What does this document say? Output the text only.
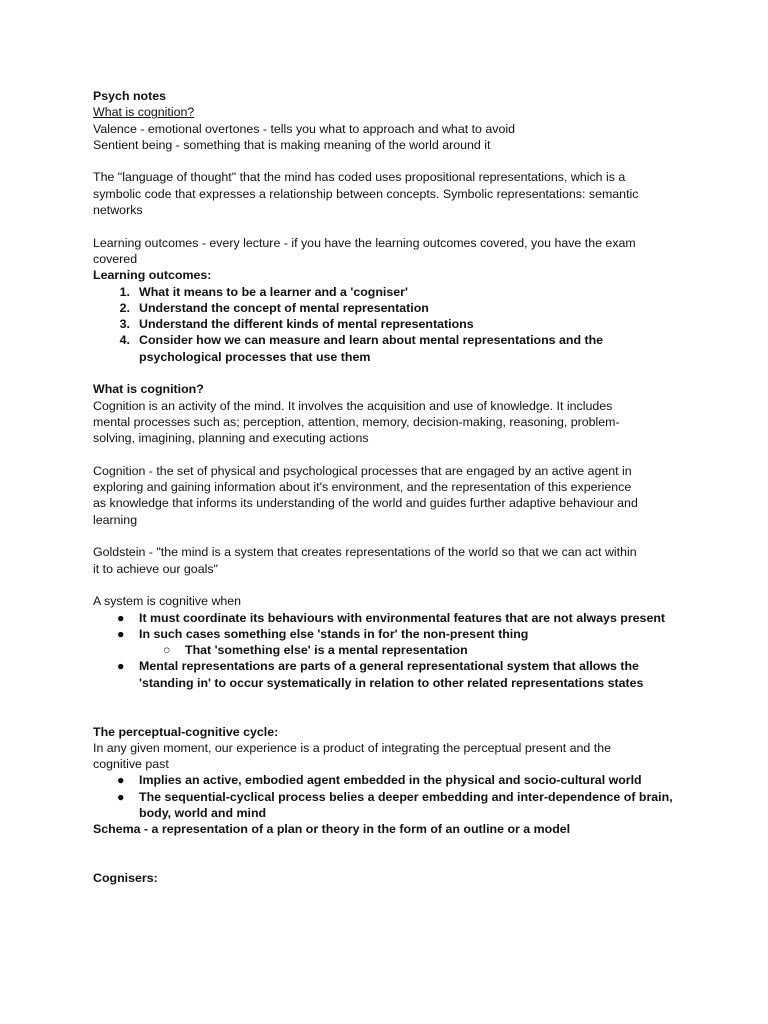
Psych notes
What is cognition?
Valence - emotional overtones - tells you what to approach and what to avoid
Sentient being - something that is making meaning of the world around it
The "language of thought" that the mind has coded uses propositional representations, which is a
symbolic code that expresses a relationship between concepts. Symbolic representations: semantic
networks
Learning outcomes - every lecture - if you have the learning outcomes covered, you have the exam
covered
Learning outcomes:
1. What it means to be a learner and a 'cogniser'
2. Understand the concept of mental representation
3. Understand the different kinds of mental representations
4. Consider how we can measure and learn about mental representations and the
psychological processes that use them
What is cognition?
Cognition is an activity of the mind. It involves the acquisition and use of knowledge. It includes
mental processes such as; perception, attention, memory, decision-making, reasoning, problem-
solving, imagining, planning and executing actions
Cognition - the set of physical and psychological processes that are engaged by an active agent in
exploring and gaining information about it's environment, and the representation of this experience
as knowledge that informs its understanding of the world and guides further adaptive behaviour and
learning
Goldstein - "the mind is a system that creates representations of the world so that we can act within
it to achieve our goals"
A system is cognitive when
● It must coordinate its behaviours with environmental features that are not always present
● In such cases something else 'stands in for' the non-present thing
○ That 'something else' is a mental representation
● Mental representations are parts of a general representational system that allows the
'standing in' to occur systematically in relation to other related representations states
The perceptual-cognitive cycle:
In any given moment, our experience is a product of integrating the perceptual present and the
cognitive past
● Implies an active, embodied agent embedded in the physical and socio-cultural world
● The sequential-cyclical process belies a deeper embedding and inter-dependence of brain,
body, world and mind
Schema - a representation of a plan or theory in the form of an outline or a model
Cognisers:
